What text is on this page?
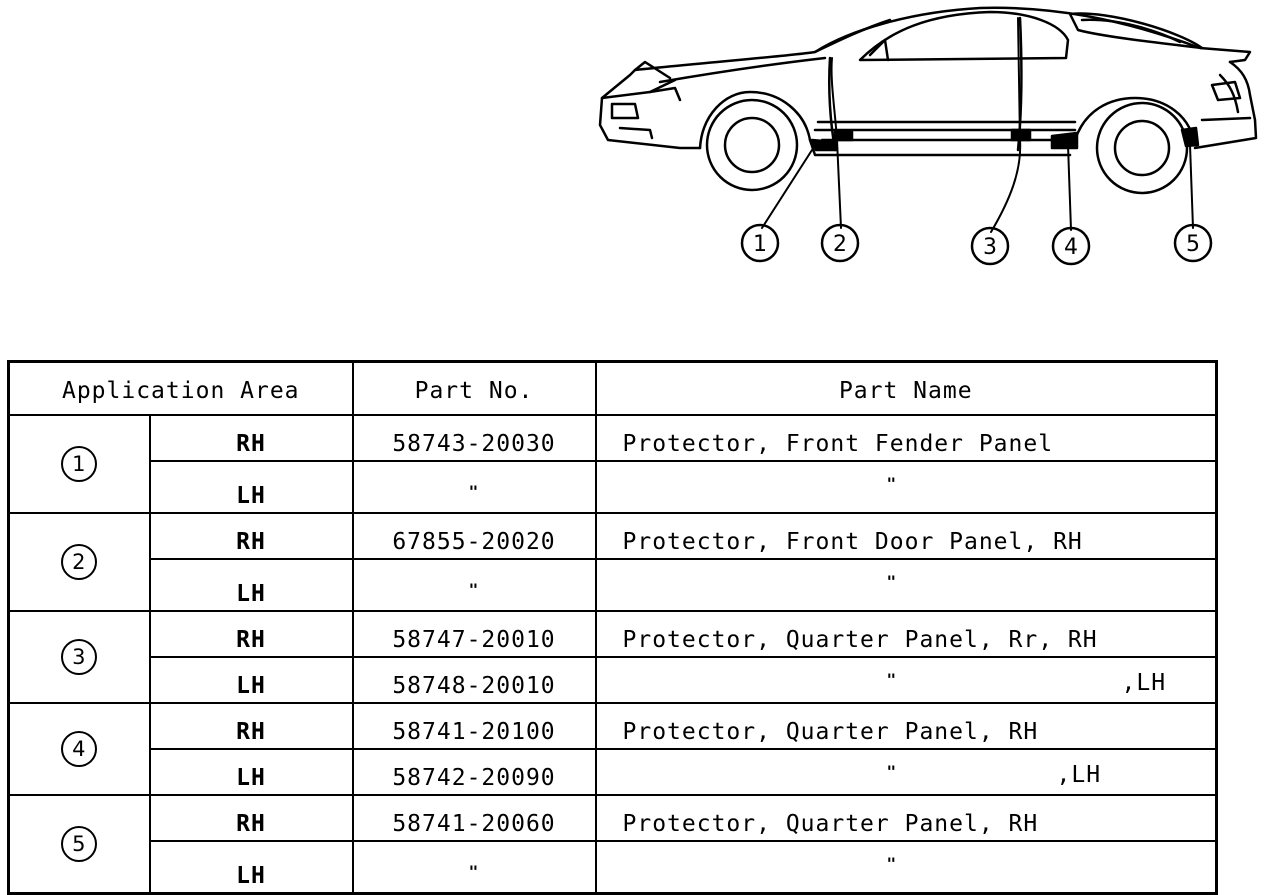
1	2	3	4	5
Application Area		Part No.	Part Name
1	RH	58743-20030	Protector, Front Fender Panel
	LH	"	"

2	RH	67855-20020	Protector, Front Door Panel, RH
	LH	"	"

3	RH	58747-20010	Protector, Quarter Panel, Rr, RH
	LH	58748-20010	" ,LH

4	RH	58741-20100	Protector, Quarter Panel, RH
	LH	58742-20090	" ,LH

5	RH	58741-20060	Protector, Quarter Panel, RH
	LH	"	"
